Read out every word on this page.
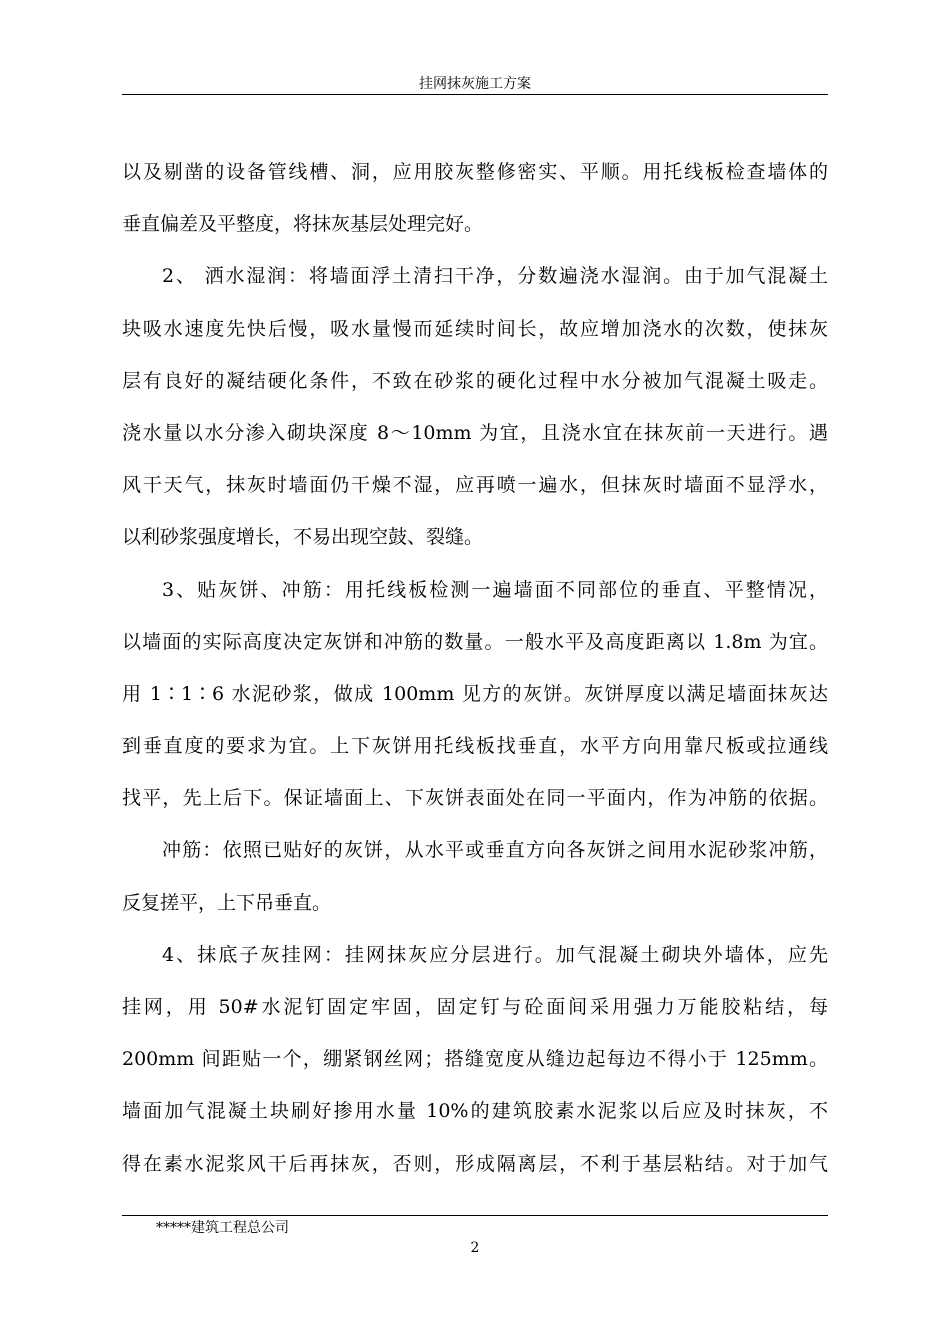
挂网抹灰施工方案
以及剔凿的设备管线槽、洞，应用胶灰整修密实、平顺。用托线板检查墙体的
垂直偏差及平整度，将抹灰基层处理完好。
2、 洒水湿润：将墙面浮土清扫干净，分数遍浇水湿润。由于加气混凝土
块吸水速度先快后慢，吸水量慢而延续时间长，故应增加浇水的次数，使抹灰
层有良好的凝结硬化条件，不致在砂浆的硬化过程中水分被加气混凝土吸走。
浇水量以水分渗入砌块深度 8～10mm 为宜，且浇水宜在抹灰前一天进行。遇
风干天气，抹灰时墙面仍干燥不湿，应再喷一遍水，但抹灰时墙面不显浮水，
以利砂浆强度增长，不易出现空鼓、裂缝。
3、贴灰饼、冲筋：用托线板检测一遍墙面不同部位的垂直、平整情况，
以墙面的实际高度决定灰饼和冲筋的数量。一般水平及高度距离以 1.8m 为宜。
用 1∶1∶6 水泥砂浆，做成 100mm 见方的灰饼。灰饼厚度以满足墙面抹灰达
到垂直度的要求为宜。上下灰饼用托线板找垂直，水平方向用靠尺板或拉通线
找平，先上后下。保证墙面上、下灰饼表面处在同一平面内，作为冲筋的依据。
冲筋：依照已贴好的灰饼，从水平或垂直方向各灰饼之间用水泥砂浆冲筋，
反复搓平，上下吊垂直。
4、抹底子灰挂网：挂网抹灰应分层进行。加气混凝土砌块外墙体，应先
挂网，用 50#水泥钉固定牢固，固定钉与砼面间采用强力万能胶粘结，每
200mm 间距贴一个，绷紧钢丝网；搭缝宽度从缝边起每边不得小于 125mm。
墙面加气混凝土块刷好掺用水量 10%的建筑胶素水泥浆以后应及时抹灰，不
得在素水泥浆风干后再抹灰，否则，形成隔离层，不利于基层粘结。对于加气
*****建筑工程总公司
2
